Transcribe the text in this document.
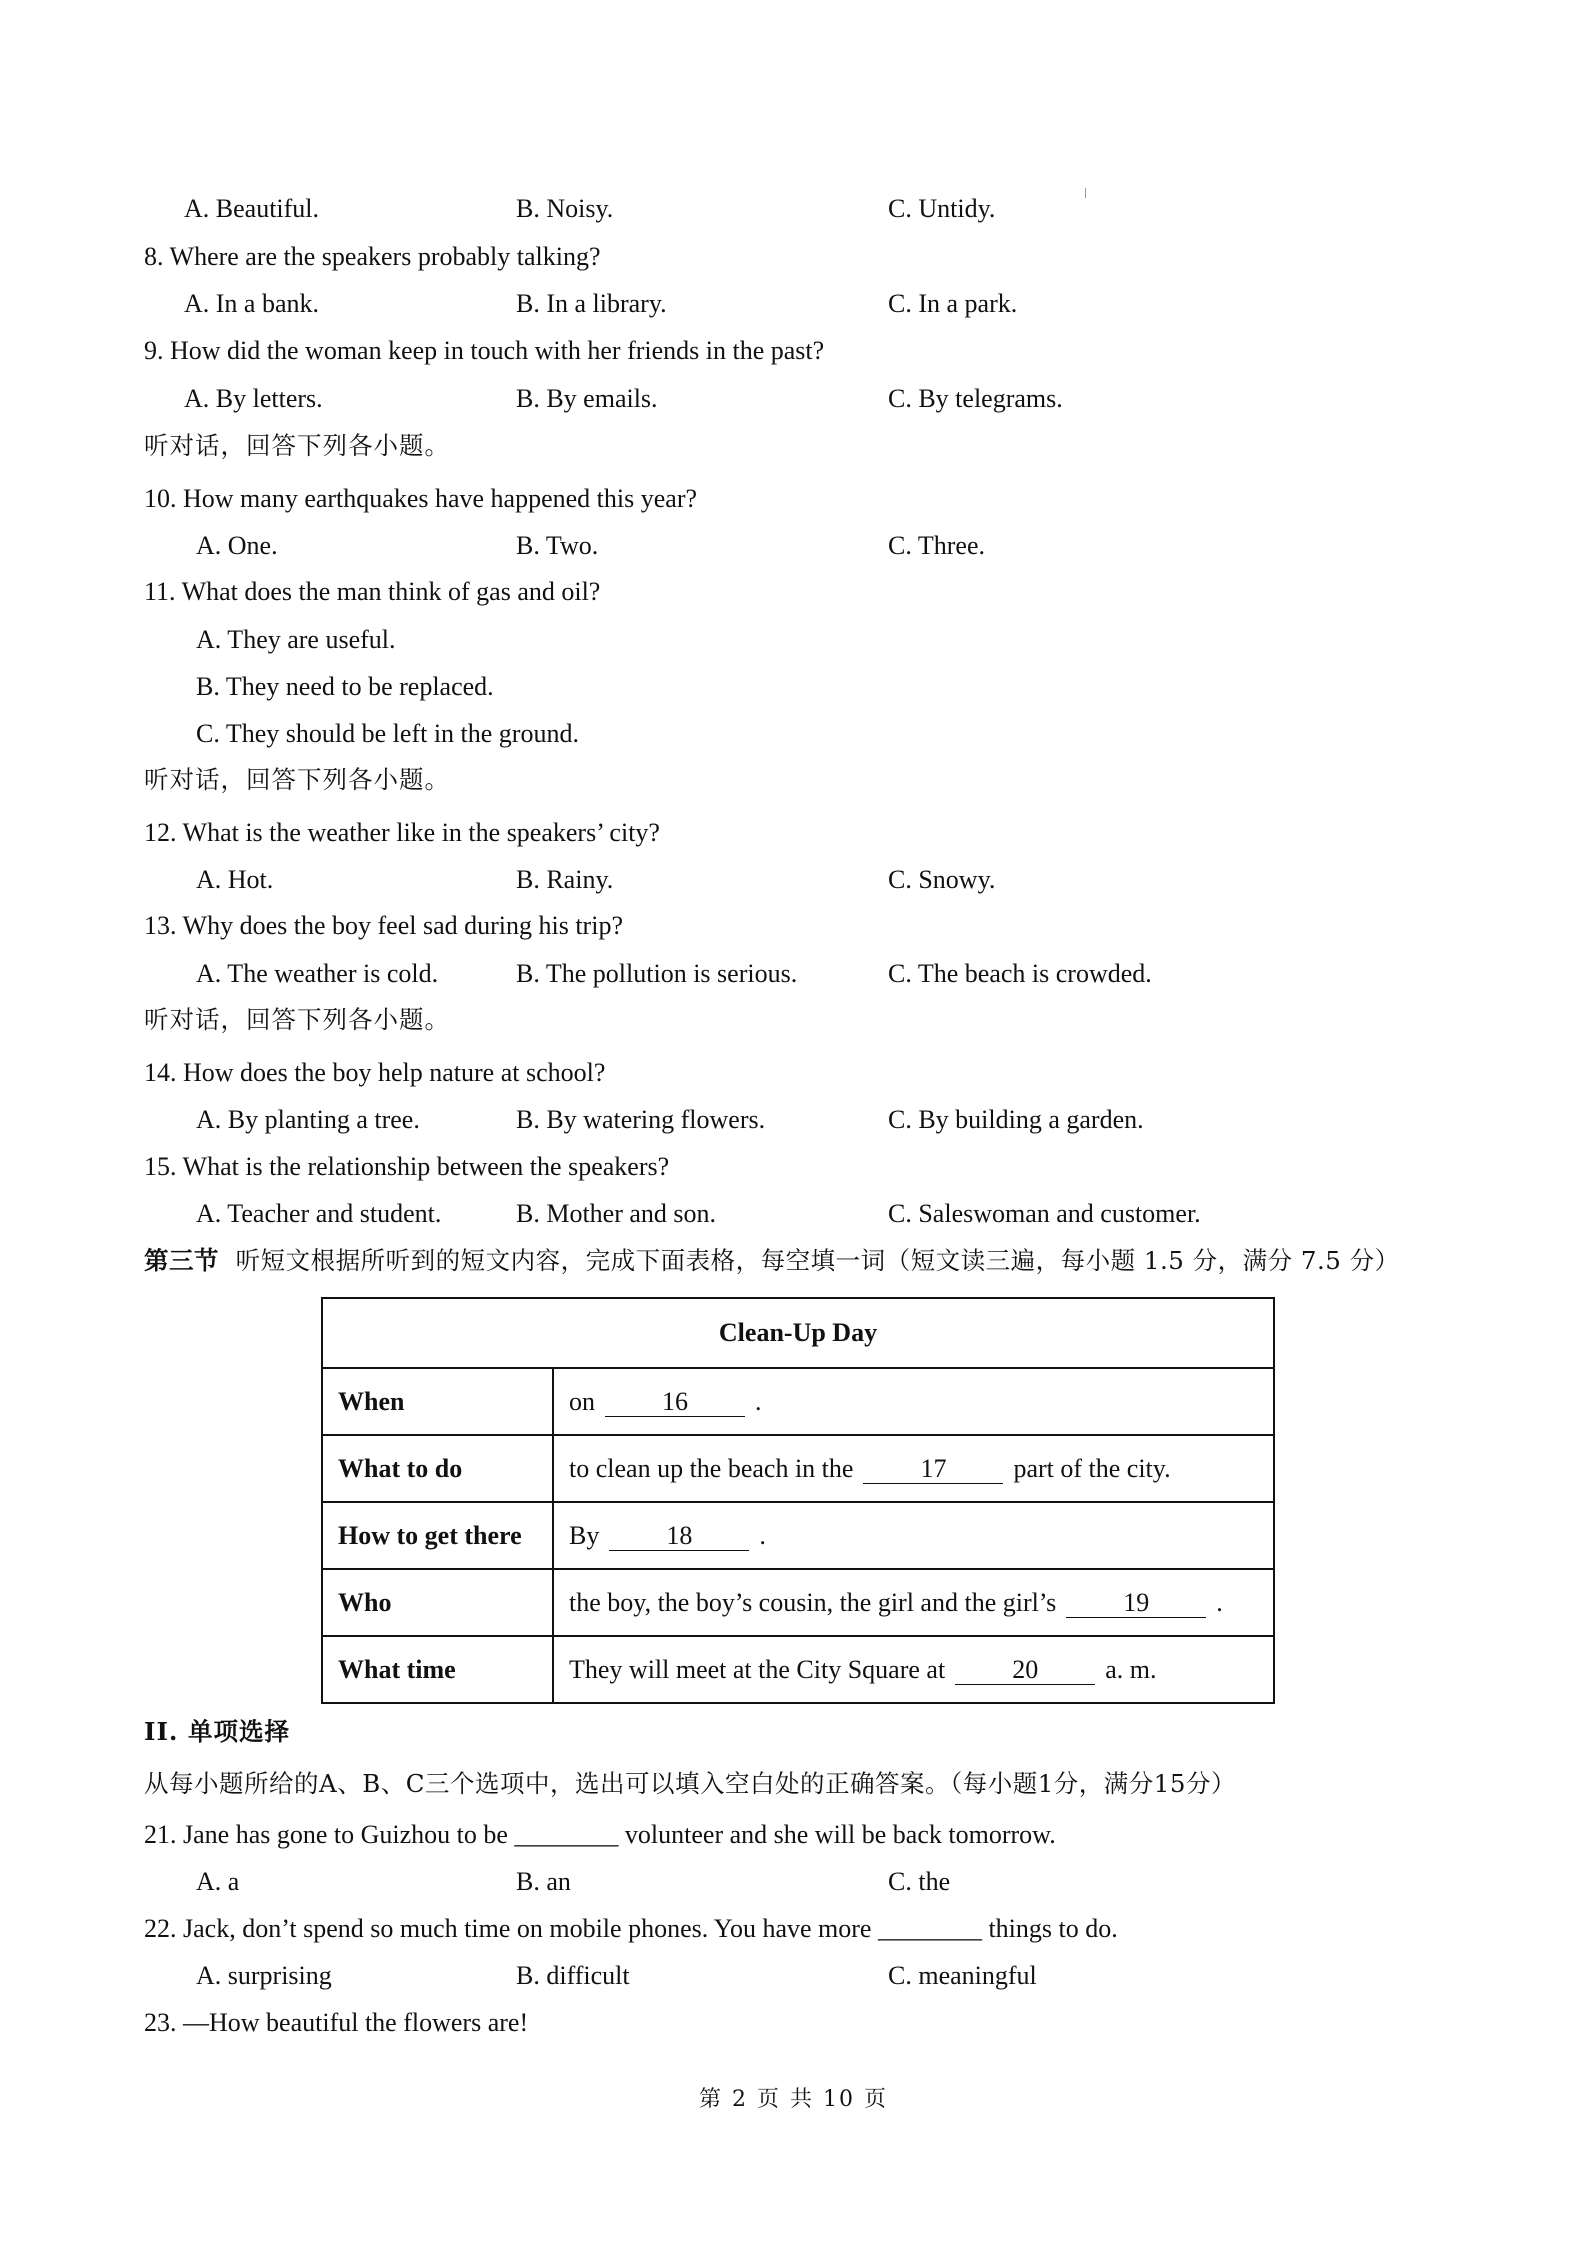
A. Beautiful.	B. Noisy.	C. Untidy.
8. Where are the speakers probably talking?
A. In a bank.	B. In a library.	C. In a park.
9. How did the woman keep in touch with her friends in the past?
A. By letters.	B. By emails.	C. By telegrams.
听对话，回答下列各小题。
10. How many earthquakes have happened this year?
A. One.	B. Two.	C. Three.
11. What does the man think of gas and oil?
A. They are useful.
B. They need to be replaced.
C. They should be left in the ground.
听对话，回答下列各小题。
12. What is the weather like in the speakers’ city?
A. Hot.	B. Rainy.	C. Snowy.
13. Why does the boy feel sad during his trip?
A. The weather is cold.	B. The pollution is serious.	C. The beach is crowded.
听对话，回答下列各小题。
14. How does the boy help nature at school?
A. By planting a tree.	B. By watering flowers.	C. By building a garden.
15. What is the relationship between the speakers?
A. Teacher and student.	B. Mother and son.	C. Saleswoman and customer.
第三节 听短文根据所听到的短文内容，完成下面表格，每空填一词（短文读三遍，每小题 1.5 分，满分 7.5 分）
Clean-Up Day	
When	on 16 .
What to do	to clean up the beach in the 17 part of the city.
How to get there	By 18 .
Who	the boy, the boy’s cousin, the girl and the girl’s 19 .
What time	They will meet at the City Square at 20 a. m.
II. 单项选择
从每小题所给的A、B、C三个选项中，选出可以填入空白处的正确答案。（每小题1分，满分15分）
21. Jane has gone to Guizhou to be ________ volunteer and she will be back tomorrow.
A. a	B. an	C. the
22. Jack, don’t spend so much time on mobile phones. You have more ________ things to do.
A. surprising	B. difficult	C. meaningful
23. —How beautiful the flowers are!
第 2 页 共 10 页
